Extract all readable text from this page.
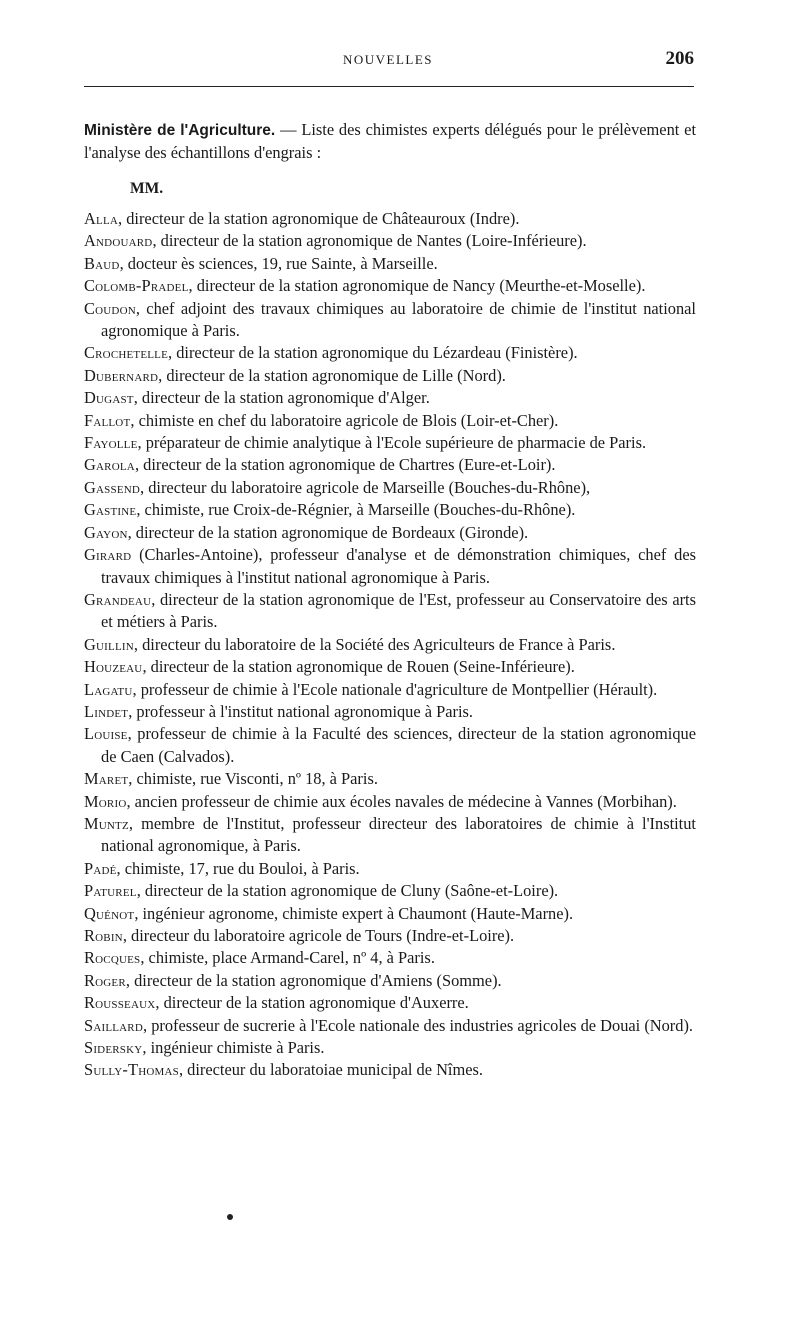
NOUVELLES	206

Ministère de l'Agriculture. — Liste des chimistes experts délégués pour le prélèvement et l'analyse des échantillons d'engrais :

MM.
Alla, directeur de la station agronomique de Châteauroux (Indre).
Andouard, directeur de la station agronomique de Nantes (Loire-Inférieure).
Baud, docteur ès sciences, 19, rue Sainte, à Marseille.
Colomb-Pradel, directeur de la station agronomique de Nancy (Meurthe-et-Moselle).
Coudon, chef adjoint des travaux chimiques au laboratoire de chimie de l'institut national agronomique à Paris.
Crochetelle, directeur de la station agronomique du Lézardeau (Finistère).
Dubernard, directeur de la station agronomique de Lille (Nord).
Dugast, directeur de la station agronomique d'Alger.
Fallot, chimiste en chef du laboratoire agricole de Blois (Loir-et-Cher).
Fayolle, préparateur de chimie analytique à l'Ecole supérieure de pharmacie de Paris.
Garola, directeur de la station agronomique de Chartres (Eure-et-Loir).
Gassend, directeur du laboratoire agricole de Marseille (Bouches-du-Rhône),
Gastine, chimiste, rue Croix-de-Régnier, à Marseille (Bouches-du-Rhône).
Gayon, directeur de la station agronomique de Bordeaux (Gironde).
Girard (Charles-Antoine), professeur d'analyse et de démonstration chimiques, chef des travaux chimiques à l'institut national agronomique à Paris.
Grandeau, directeur de la station agronomique de l'Est, professeur au Conservatoire des arts et métiers à Paris.
Guillin, directeur du laboratoire de la Société des Agriculteurs de France à Paris.
Houzeau, directeur de la station agronomique de Rouen (Seine-Inférieure).
Lagatu, professeur de chimie à l'Ecole nationale d'agriculture de Montpellier (Hérault).
Lindet, professeur à l'institut national agronomique à Paris.
Louise, professeur de chimie à la Faculté des sciences, directeur de la station agronomique de Caen (Calvados).
Maret, chimiste, rue Visconti, nº 18, à Paris.
Morio, ancien professeur de chimie aux écoles navales de médecine à Vannes (Morbihan).
Muntz, membre de l'Institut, professeur directeur des laboratoires de chimie à l'Institut national agronomique, à Paris.
Padé, chimiste, 17, rue du Bouloi, à Paris.
Paturel, directeur de la station agronomique de Cluny (Saône-et-Loire).
Quénot, ingénieur agronome, chimiste expert à Chaumont (Haute-Marne).
Robin, directeur du laboratoire agricole de Tours (Indre-et-Loire).
Rocques, chimiste, place Armand-Carel, nº 4, à Paris.
Roger, directeur de la station agronomique d'Amiens (Somme).
Rousseaux, directeur de la station agronomique d'Auxerre.
Saillard, professeur de sucrerie à l'Ecole nationale des industries agricoles de Douai (Nord).
Sidersky, ingénieur chimiste à Paris.
Sully-Thomas, directeur du laboratoiae municipal de Nîmes.
